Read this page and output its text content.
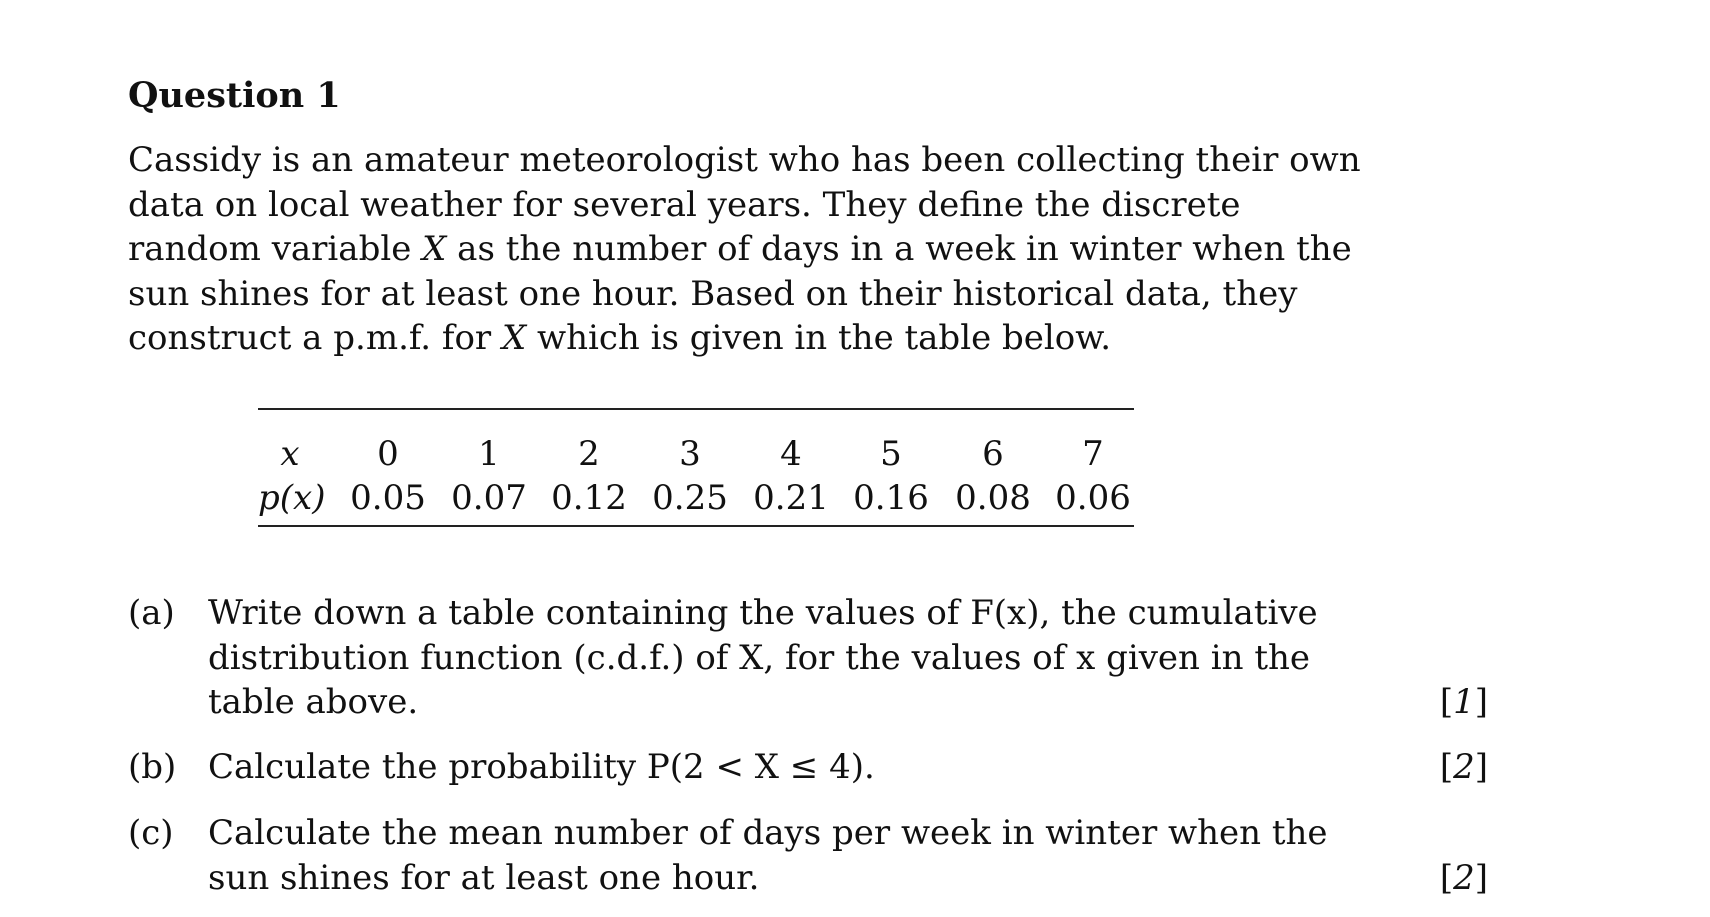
Question 1
Cassidy is an amateur meteorologist who has been collecting their own
data on local weather for several years. They define the discrete
random variable X as the number of days in a week in winter when the
sun shines for at least one hour. Based on their historical data, they
construct a p.m.f. for X which is given in the table below.
x	0	1	2	3	4	5	6	7
p(x) 0.05 0.07 0.12 0.25 0.21 0.16 0.08 0.06
(a) Write down a table containing the values of F(x), the cumulative
distribution function (c.d.f.) of X, for the values of x given in the
table above.	[1]
(b) Calculate the probability P(2 < X ≤ 4).	[2]
(c) Calculate the mean number of days per week in winter when the
sun shines for at least one hour.	[2]
